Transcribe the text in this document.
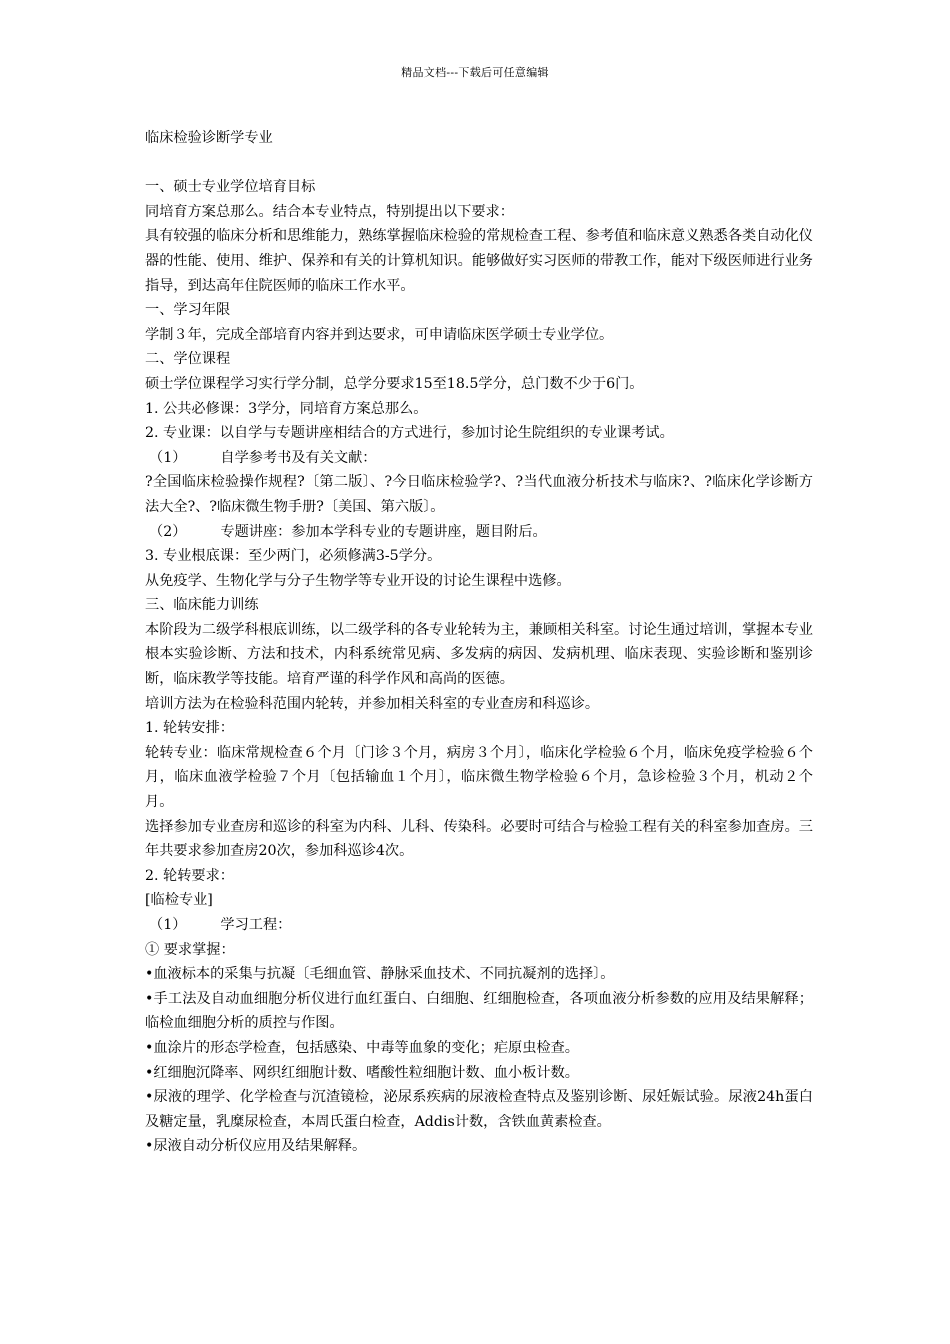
精品文档---下载后可任意编辑

临床检验诊断学专业

一、硕士专业学位培育目标

同培育方案总那么。结合本专业特点，特别提出以下要求：

具有较强的临床分析和思维能力，熟练掌握临床检验的常规检查工程、参考值和临床意义熟悉各类自动化仪器的性能、使用、维护、保养和有关的计算机知识。能够做好实习医师的带教工作，能对下级医师进行业务指导，到达高年住院医师的临床工作水平。

一、学习年限

学制３年，完成全部培育内容并到达要求，可申请临床医学硕士专业学位。

二、学位课程

硕士学位课程学习实行学分制，总学分要求15至18.5学分，总门数不少于6门。

1. 公共必修课：3学分，同培育方案总那么。

2. 专业课：以自学与专题讲座相结合的方式进行，参加讨论生院组织的专业课考试。

（1） 自学参考书及有关文献：

?全国临床检验操作规程?〔第二版〕、?今日临床检验学?、?当代血液分析技术与临床?、?临床化学诊断方法大全?、?临床微生物手册?〔美国、第六版〕。

（2） 专题讲座：参加本学科专业的专题讲座，题目附后。

3. 专业根底课：至少两门，必须修满3-5学分。

从免疫学、生物化学与分子生物学等专业开设的讨论生课程中选修。

三、临床能力训练

本阶段为二级学科根底训练，以二级学科的各专业轮转为主，兼顾相关科室。讨论生通过培训，掌握本专业根本实验诊断、方法和技术，内科系统常见病、多发病的病因、发病机理、临床表现、实验诊断和鉴别诊断，临床教学等技能。培育严谨的科学作风和高尚的医德。

培训方法为在检验科范围内轮转，并参加相关科室的专业查房和科巡诊。

1. 轮转安排：

轮转专业：临床常规检查６个月〔门诊３个月，病房３个月〕，临床化学检验６个月，临床免疫学检验６个月，临床血液学检验７个月〔包括输血１个月〕，临床微生物学检验６个月，急诊检验３个月，机动２个月。

选择参加专业查房和巡诊的科室为内科、儿科、传染科。必要时可结合与检验工程有关的科室参加查房。三年共要求参加查房20次，参加科巡诊4次。

2. 轮转要求：

[临检专业]

（1） 学习工程：

① 要求掌握：

•血液标本的采集与抗凝〔毛细血管、静脉采血技术、不同抗凝剂的选择〕。

•手工法及自动血细胞分析仪进行血红蛋白、白细胞、红细胞检查，各项血液分析参数的应用及结果解释；临检血细胞分析的质控与作图。

•血涂片的形态学检查，包括感染、中毒等血象的变化；疟原虫检查。

•红细胞沉降率、网织红细胞计数、嗜酸性粒细胞计数、血小板计数。

•尿液的理学、化学检查与沉渣镜检，泌尿系疾病的尿液检查特点及鉴别诊断、尿妊娠试验。尿液24h蛋白及糖定量，乳糜尿检查，本周氏蛋白检查，Addis计数，含铁血黄素检查。

•尿液自动分析仪应用及结果解释。
